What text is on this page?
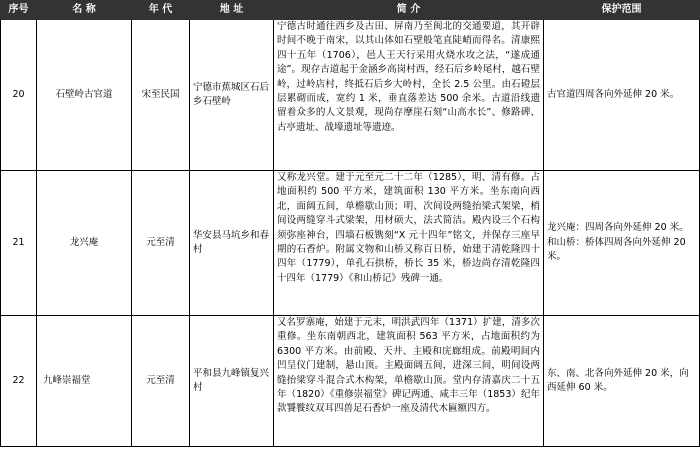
序号	名 称	年 代	地 址	简 介	保护范围
20	石壁岭古官道	宋至民国	宁德市蕉城区石后乡石壁岭	宁德古时通往西乡及古田、屏南乃至闽北的交通要道，其开辟时间不晚于南宋，以其山体如石壁般笔直陡峭而得名。清康熙四十五年（1706），邑人王天行采用火烧水攻之法，“遂成通途”。现存古道起于金涵乡高岗村西，经石后乡岭尾村，越石壁岭，过岭店村，终抵石后乡大岭村，全长 2.5 公里。由石磴层层累砌而成，宽约 1 米，垂直落差达 500 余米。古道沿线遗留着众多的人文景观，现尚存摩崖石刻“山高水长”、修路碑、古亭遗址、战壕遗址等遗迹。	古官道四周各向外延伸 20 米。
21	龙兴庵	元至清	华安县马坑乡和春村	又称龙兴堂。建于元至元二十二年（1285），明、清有修。占地面积约 500 平方米，建筑面积 130 平方米。坐东南向西北，面阔五间，单檐歇山顶；明、次间设两缝抬梁式架梁，梢间设两缝穿斗式梁架，用材硕大，法式简洁。殿内设三个石构须弥座神台，四墙石板镌刻“X 元十四年”铭文，并保存三座早期的石香炉。附属文物和山桥又称百日桥，始建于清乾隆四十四年（1779），单孔石拱桥，桥长 35 米，桥边尚存清乾隆四十四年（1779）《和山桥记》残碑一通。	龙兴庵：四周各向外延伸 20 米。和山桥：桥体四周各向外延伸 20 米。
22	九峰崇福堂	元至清	平和县九峰镇复兴村	又名罗寨庵，始建于元末，明洪武四年（1371）扩建，清多次重修。坐东南朝西北，建筑面积 563 平方米，占地面积约为 6300 平方米。由前殿、天井、主殿和庑廊组成。前殿明间内凹呈仪门建制，悬山顶。主殿面阔五间，进深三间，明间设两缝抬梁穿斗混合式木构架，单檐歇山顶。堂内存清嘉庆二十五年（1820）《重修崇福堂》碑记两通、咸丰三年（1853）纪年款饕餮纹双耳四兽足石香炉一座及清代木匾额四方。	东、南、北各向外延伸 20 米，向西延伸 60 米。
